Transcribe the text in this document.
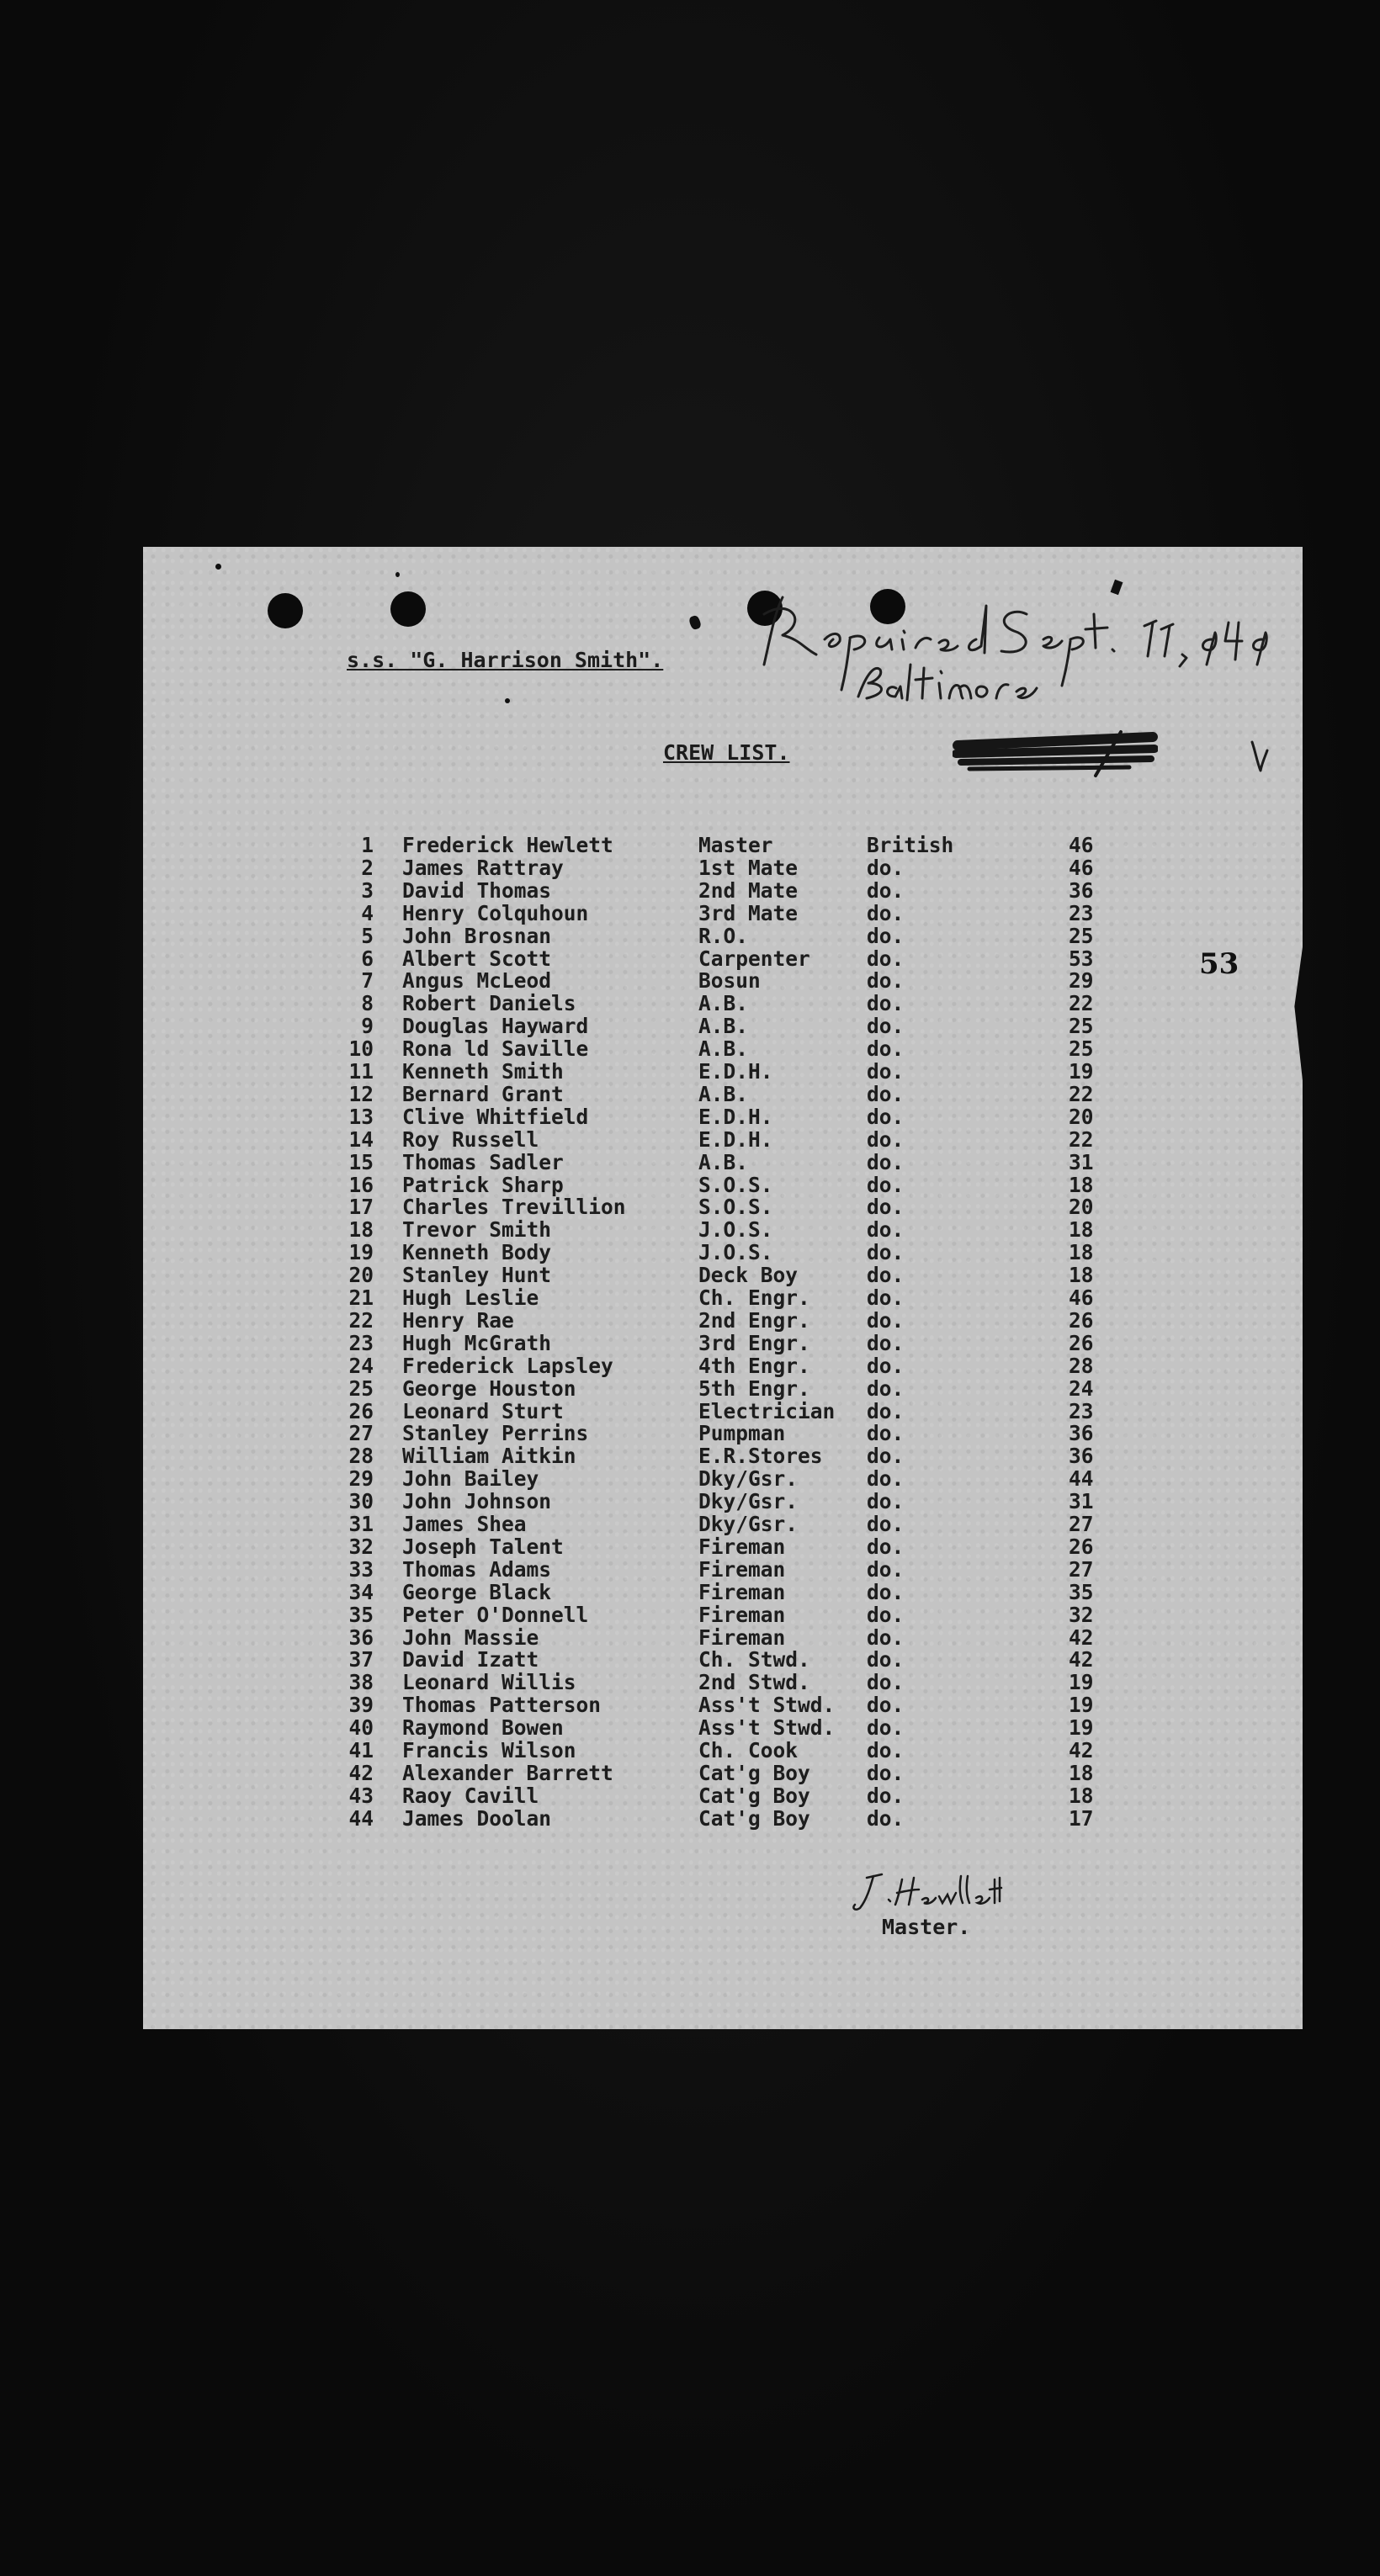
s.s. "G. Harrison Smith".
CREW LIST.
53
1 Frederick Hewlett	Master	British	46
2 James Rattray	1st Mate	do.	46
3 David Thomas	2nd Mate	do.	36
4 Henry Colquhoun	3rd Mate	do.	23
5 John Brosnan	R.O.	do.	25
6 Albert Scott	Carpenter	do.	53
7 Angus McLeod	Bosun	do.	29
8 Robert Daniels	A.B.	do.	22
9 Douglas Hayward	A.B.	do.	25
10 Rona ld Saville	A.B.	do.	25
11 Kenneth Smith	E.D.H.	do.	19
12 Bernard Grant	A.B.	do.	22
13 Clive Whitfield	E.D.H.	do.	20
14 Roy Russell	E.D.H.	do.	22
15 Thomas Sadler	A.B.	do.	31
16 Patrick Sharp	S.O.S.	do.	18
17 Charles Trevillion	S.O.S.	do.	20
18 Trevor Smith	J.O.S.	do.	18
19 Kenneth Body	J.O.S.	do.	18
20 Stanley Hunt	Deck Boy	do.	18
21 Hugh Leslie	Ch. Engr.	do.	46
22 Henry Rae	2nd Engr.	do.	26
23 Hugh McGrath	3rd Engr.	do.	26
24 Frederick Lapsley	4th Engr.	do.	28
25 George Houston	5th Engr.	do.	24
26 Leonard Sturt	Electrician do.	23
27 Stanley Perrins	Pumpman	do.	36
28 William Aitkin	E.R.Stores do.	36
29 John Bailey	Dky/Gsr.	do.	44
30 John Johnson	Dky/Gsr.	do.	31
31 James Shea	Dky/Gsr.	do.	27
32 Joseph Talent	Fireman	do.	26
33 Thomas Adams	Fireman	do.	27
34 George Black	Fireman	do.	35
35 Peter O'Donnell	Fireman	do.	32
36 John Massie	Fireman	do.	42
37 David Izatt	Ch. Stwd.	do.	42
38 Leonard Willis	2nd Stwd.	do.	19
39 Thomas Patterson	Ass't Stwd. do.	19
40 Raymond Bowen	Ass't Stwd. do.	19
41 Francis Wilson	Ch. Cook	do.	42
42 Alexander Barrett	Cat'g Boy	do.	18
43 Raoy Cavill	Cat'g Boy	do.	18
44 James Doolan	Cat'g Boy	do.	17
Master.
